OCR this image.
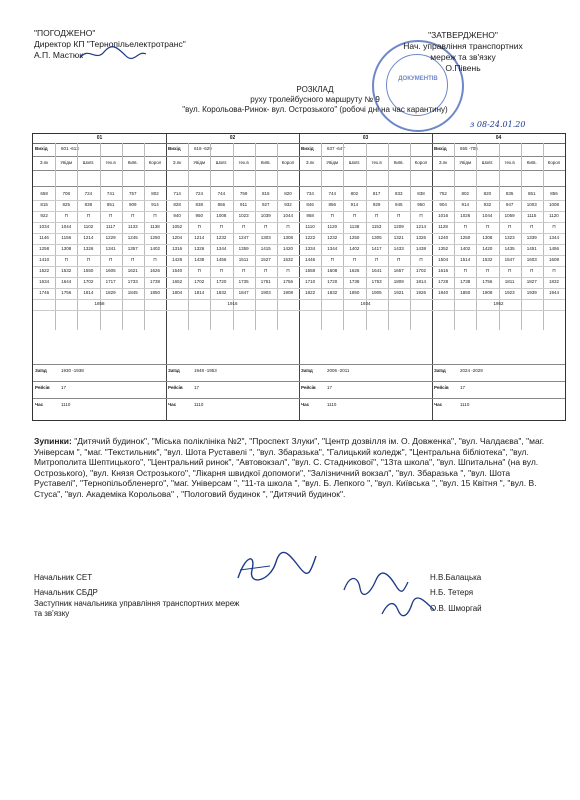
"ПОГОДЖЕНО"
Директор КП "Тернопільелектротранс"
А.П. Мастюк
ДОКУМЕНТІВ
"ЗАТВЕРДЖЕНО"
Нач. управління транспортних
мереж та зв'язку
О.Півень
РОЗКЛАД
руху тролейбусного маршруту № 9
"вул. Корольова-Ринок- вул. Острозького" (робочі дні на час карантину)
з 08-24.01.20
01
Вихід	601 -613
З.пк	Увідм	Шовт.	тех.в	Київ.	Корол
658	708	724	741	757	802
815	825	838	851	909	914
922	П	П	П	П	П
1034	1044	1102	1117	1133	1138
1146	1156	1214	1229	1245	1250
1258	1308	1326	1341	1357	1402
1410	П	П	П	П	П
1522	1532	1550	1605	1621	1626
1634	1644	1702	1717	1733	1738
1746	1756	1814	1829	1845	1850
1858
Заїзд	1930 -1938
Рейсів	17
Час	1110
02
Вихід	619 -629
З.пк	Увідм	Шовт.	тех.в	Київ.	Корол
714	724	744	759	815	820
828	838	856	911	927	932
940	950	1008	1023	1039	1044
1052	П	П	П	П	П
1204	1214	1232	1247	1303	1308
1316	1326	1344	1359	1415	1420
1428	1438	1456	1511	1527	1532
1540	П	П	П	П	П
1652	1702	1720	1735	1751	1756
1804	1814	1832	1847	1903	1908
1916
Заїзд	1948 -1953
Рейсів	17
Час	1110
03
Вихід	637 -647
З.пк	Увідм	Шовт.	тех.в	Київ.	Корол
734	744	802	817	833	838
846	856	914	929	945	950
958	П	П	П	П	П
1110	1120	1138	1153	1209	1214
1222	1232	1250	1305	1321	1326
1334	1344	1402	1417	1433	1438
1446	П	П	П	П	П
1558	1608	1626	1641	1657	1702
1710	1720	1738	1753	1809	1814
1822	1832	1850	1905	1921	1926
1934
Заїзд	2006 -2011
Рейсів	17
Час	1110
04
Вихід	655 -705
З.пк	Увідм	Шовт.	тех.в	Київ.	Корол
752	802	820	835	851	856
904	914	932	947	1003	1008
1016	1026	1044	1059	1115	1120
1128	П	П	П	П	П
1240	1250	1308	1323	1339	1344
1352	1402	1420	1435	1451	1456
1504	1514	1532	1547	1603	1608
1616	П	П	П	П	П
1728	1738	1756	1811	1827	1832
1840	1850	1908	1923	1939	1944
1952
Заїзд	2024 -2029
Рейсів	17
Час	1110
Зупинки: "Дитячий будинок", "Міська поліклініка №2", "Проспект Злуки", "Центр дозвілля ім. О. Довженка", "вул. Чалдаєва", "маг. Універсам ", "маг. "Текстильник", "вул. Шота Руставелі ", "вул. Збаразька", "Галицький коледж", "Центральна бібліотека", "вул. Митрополита Шептицького", "Центральний ринок", "Автовокзал", "вул. С. Стадникової", "13та школа", "вул. Шпитальна" (на вул. Острозького), "вул. Князя Острозького", "Лікарня швидкої допомоги", "Залізничний вокзал", "вул. Збаразька ", "вул. Шота Руставелі", "Тернопільобленерго", "маг. Універсам ", "11-та школа ", "вул. Б. Лепкого ", "вул. Київська ", "вул. 15 Квітня ", "вул. В. Стуса", "вул. Академіка Корольова" , "Пологовий будинок ", "Дитячий будинок".
Начальник СЕТ
Начальник СБДР
Заступник начальника управління транспортних мереж та зв'язку
Н.В.Балацька
Н.Б. Тетеря
О.В. Шморгай
